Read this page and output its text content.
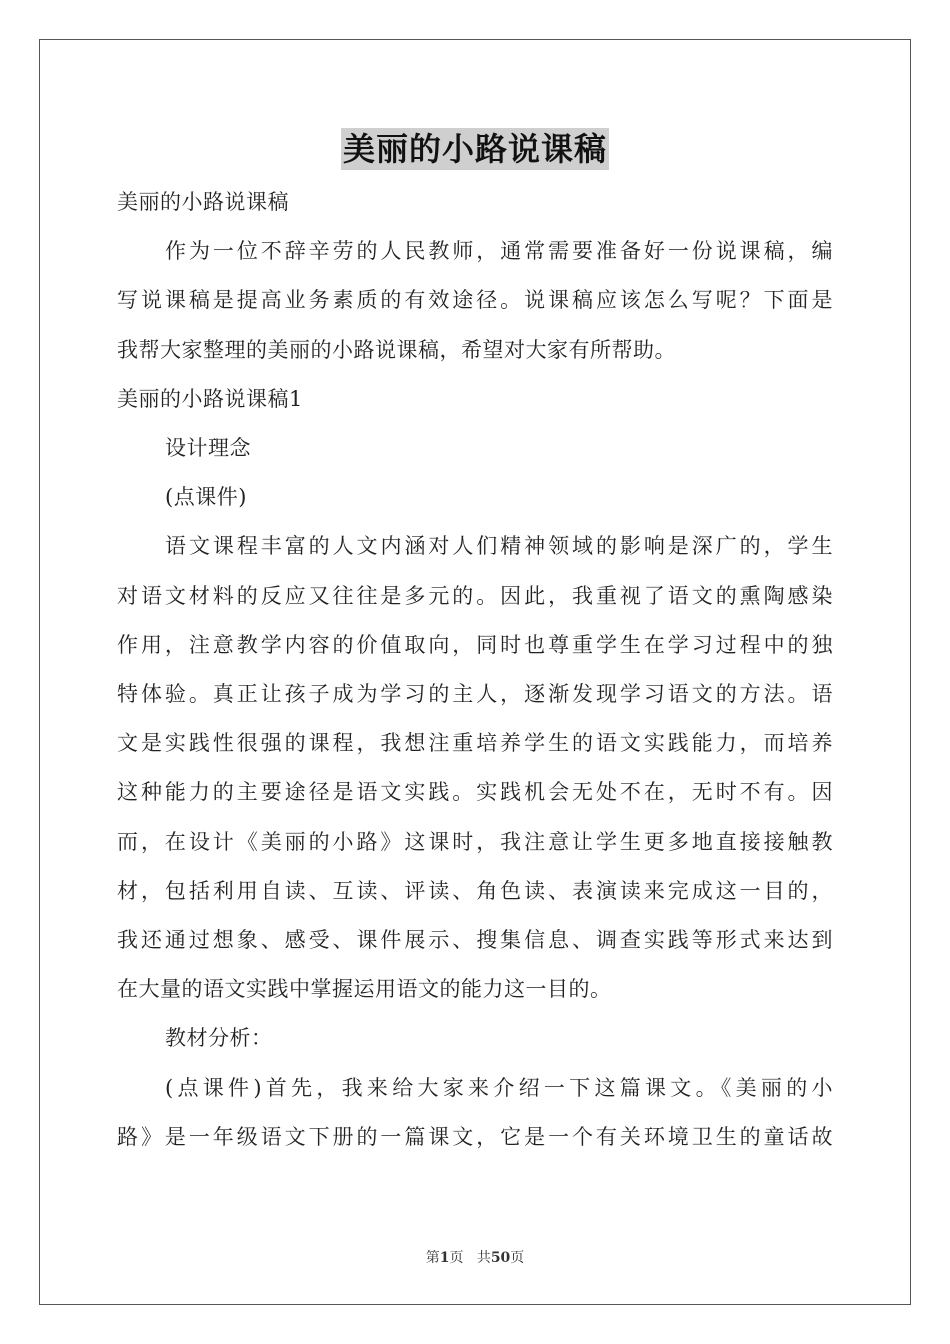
美丽的小路说课稿

美丽的小路说课稿

作为一位不辞辛劳的人民教师，通常需要准备好一份说课稿，编

写说课稿是提高业务素质的有效途径。说课稿应该怎么写呢？下面是

我帮大家整理的美丽的小路说课稿，希望对大家有所帮助。

美丽的小路说课稿1

设计理念

(点课件)

语文课程丰富的人文内涵对人们精神领域的影响是深广的，学生

对语文材料的反应又往往是多元的。因此，我重视了语文的熏陶感染

作用，注意教学内容的价值取向，同时也尊重学生在学习过程中的独

特体验。真正让孩子成为学习的主人，逐渐发现学习语文的方法。语

文是实践性很强的课程，我想注重培养学生的语文实践能力，而培养

这种能力的主要途径是语文实践。实践机会无处不在，无时不有。因

而，在设计《美丽的小路》这课时，我注意让学生更多地直接接触教

材，包括利用自读、互读、评读、角色读、表演读来完成这一目的，

我还通过想象、感受、课件展示、搜集信息、调查实践等形式来达到

在大量的语文实践中掌握运用语文的能力这一目的。

教材分析：

(点课件)首先，我来给大家来介绍一下这篇课文。《美丽的小

路》是一年级语文下册的一篇课文，它是一个有关环境卫生的童话故

第1页 共50页
